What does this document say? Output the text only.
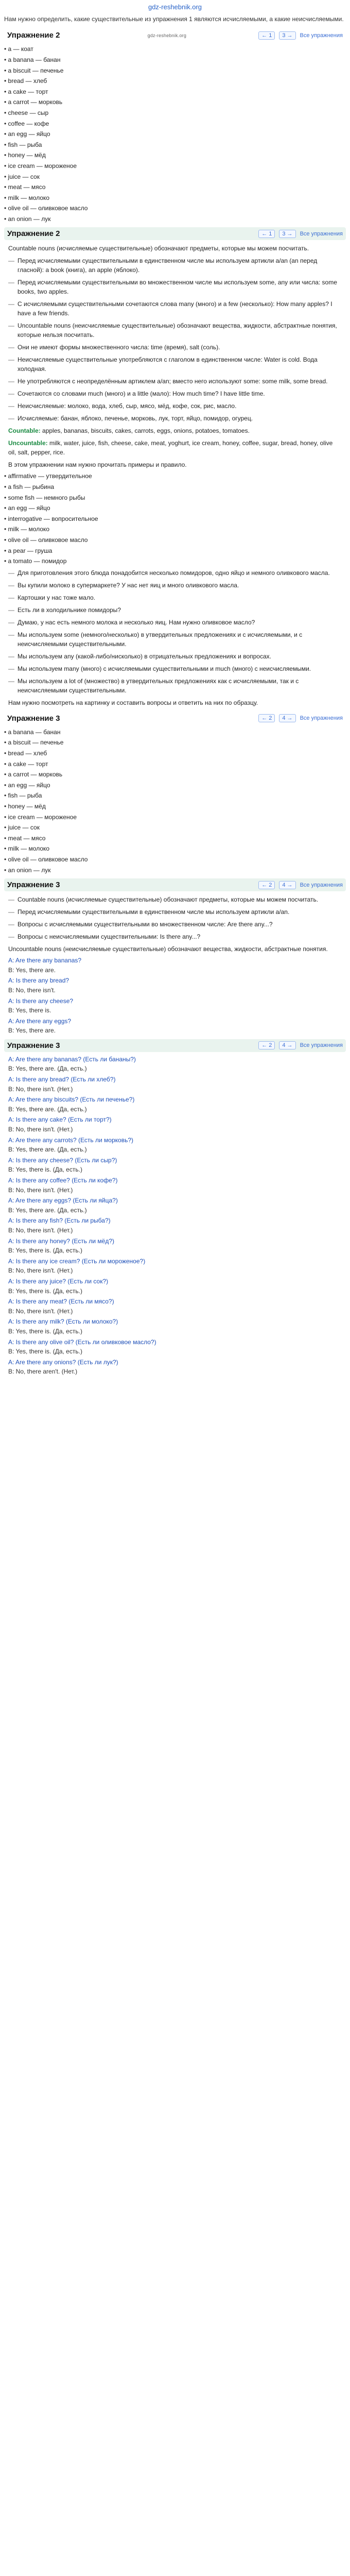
gdz-reshebnik.org
Нам нужно определить, какие существительные из упражнения 1 являются исчисляемыми, а какие неисчисляемыми.
Упражнение 2	gdz-reshebnik.org	← 1	3 →	Все упражнения
• a — коат
• a banana — банан
• a biscuit — печенье
• bread — хлеб
• a cake — торт
• a carrot — морковь
• cheese — сыр
• coffee — кофе
• an egg — яйцо
• fish — рыба
• honey — мёд
• ice cream — мороженое
• juice — сок
• meat — мясо
• milk — молоко
• olive oil — оливковое масло
• an onion — лук
Упражнение 2	← 1	3 →	Все упражнения
Countable nouns (исчисляемые существительные) обозначают предметы, которые мы можем посчитать.
— Перед исчисляемыми существительными в единственном числе мы используем артикли a/an (an перед гласной): a book (книга), an apple (яблоко).
— Перед исчисляемыми существительными во множественном числе мы используем some, any или числа: some books, two apples.
— С исчисляемыми существительными сочетаются слова many (много) и a few (несколько): How many apples? I have a few friends.
— Uncountable nouns (неисчисляемые существительные) обозначают вещества, жидкости, абстрактные понятия, которые нельзя посчитать.
— Они не имеют формы множественного числа: time (время), salt (соль).
— Неисчисляемые существительные употребляются с глаголом в единственном числе: Water is cold. Вода холодная.
— Не употребляются с неопределённым артиклем a/an; вместо него используют some: some milk, some bread.
— Сочетаются со словами much (много) и a little (мало): How much time? I have little time.
— Неисчисляемые: молоко, вода, хлеб, сыр, мясо, мёд, кофе, сок, рис, масло.
— Исчисляемые: банан, яблоко, печенье, морковь, лук, торт, яйцо, помидор, огурец.
Countable: apples, bananas, biscuits, cakes, carrots, eggs, onions, potatoes, tomatoes.
Uncountable: milk, water, juice, fish, cheese, cake, meat, yoghurt, ice cream, honey, coffee, sugar, bread, honey, olive oil, salt, pepper, rice.
В этом упражнении нам нужно прочитать примеры и правило.
• affirmative — утвердительное
• a fish — рыбина
• some fish — немного рыбы
• an egg — яйцо
• interrogative — вопросительное
• milk — молоко
• olive oil — оливковое масло
• a pear — груша
• a tomato — помидор
— Для приготовления этого блюда понадобится несколько помидоров, одно яйцо и немного оливкового масла.
— Вы купили молоко в супермаркете? У нас нет яиц и много оливкового масла.
— Картошки у нас тоже мало.
— Есть ли в холодильнике помидоры?
— Думаю, у нас есть немного молока и несколько яиц. Нам нужно оливковое масло?
— Мы используем some (немного/несколько) в утвердительных предложениях и с исчисляемыми, и с неисчисляемыми существительными.
— Мы используем any (какой-либо/нисколько) в отрицательных предложениях и вопросах.
— Мы используем many (много) с исчисляемыми существительными и much (много) с неисчисляемыми.
— Мы используем a lot of (множество) в утвердительных предложениях как с исчисляемыми, так и с неисчисляемыми существительными.
Нам нужно посмотреть на картинку и составить вопросы и ответить на них по образцу.
Упражнение 3	← 2	4 →	Все упражнения
• a banana — банан
• a biscuit — печенье
• bread — хлеб
• a cake — торт
• a carrot — морковь
• an egg — яйцо
• fish — рыба
• honey — мёд
• ice cream — мороженое
• juice — сок
• meat — мясо
• milk — молоко
• olive oil — оливковое масло
• an onion — лук
Упражнение 3	← 2	4 →	Все упражнения
— Countable nouns (исчисляемые существительные) обозначают предметы, которые мы можем посчитать.
— Перед исчисляемыми существительными в единственном числе мы используем артикли a/an.
— Вопросы с исчисляемыми существительными во множественном числе: Are there any...?
— Вопросы с неисчисляемыми существительными: Is there any...?
Uncountable nouns (неисчисляемые существительные) обозначают вещества, жидкости, абстрактные понятия.
A: Are there any bananas?
B: Yes, there are.
A: Is there any bread?
B: No, there isn't.
A: Is there any cheese?
B: Yes, there is.
A: Are there any eggs?
B: Yes, there are.
Упражнение 3	← 2	4 →	Все упражнения
A: Are there any bananas? (Есть ли бананы?)
B: Yes, there are. (Да, есть.)
A: Is there any bread? (Есть ли хлеб?)
B: No, there isn't. (Нет.)
A: Are there any biscuits? (Есть ли печенье?)
B: Yes, there are. (Да, есть.)
A: Is there any cake? (Есть ли торт?)
B: No, there isn't. (Нет.)
A: Are there any carrots? (Есть ли морковь?)
B: Yes, there are. (Да, есть.)
A: Is there any cheese? (Есть ли сыр?)
B: Yes, there is. (Да, есть.)
A: Is there any coffee? (Есть ли кофе?)
B: No, there isn't. (Нет.)
A: Are there any eggs? (Есть ли яйца?)
B: Yes, there are. (Да, есть.)
A: Is there any fish? (Есть ли рыба?)
B: No, there isn't. (Нет.)
A: Is there any honey? (Есть ли мёд?)
B: Yes, there is. (Да, есть.)
A: Is there any ice cream? (Есть ли мороженое?)
B: No, there isn't. (Нет.)
A: Is there any juice? (Есть ли сок?)
B: Yes, there is. (Да, есть.)
A: Is there any meat? (Есть ли мясо?)
B: No, there isn't. (Нет.)
A: Is there any milk? (Есть ли молоко?)
B: Yes, there is. (Да, есть.)
A: Is there any olive oil? (Есть ли оливковое масло?)
B: Yes, there is. (Да, есть.)
A: Are there any onions? (Есть ли лук?)
B: No, there aren't. (Нет.)
